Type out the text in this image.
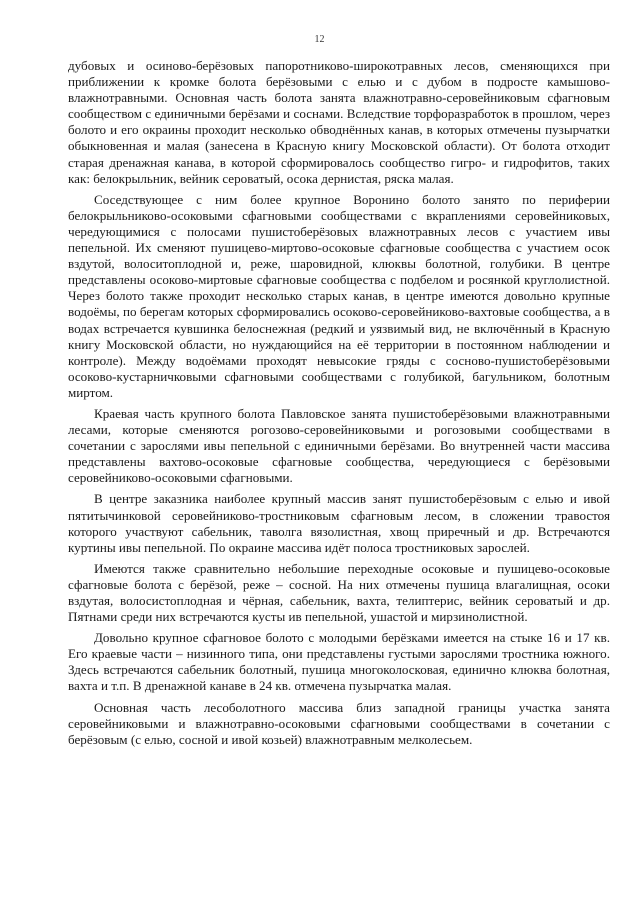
12

дубовых и осиново-берёзовых папоротниково-широкотравных лесов, сменяющихся при приближении к кромке болота берёзовыми с елью и с дубом в подросте камышово-влажнотравными. Основная часть болота занята влажнотравно-серовейниковым сфагновым сообществом с единичными берёзами и соснами. Вследствие торфоразработок в прошлом, через болото и его окраины проходит несколько обводнённых канав, в которых отмечены пузырчатки обыкновенная и малая (занесена в Красную книгу Московской области). От болота отходит старая дренажная канава, в которой сформировалось сообщество гигро- и гидрофитов, таких как: белокрыльник, вейник сероватый, осока дернистая, ряска малая.

Соседствующее с ним более крупное Воронино болото занято по периферии белокрыльниково-осоковыми сфагновыми сообществами с вкраплениями серовейниковых, чередующимися с полосами пушистоберёзовых влажнотравных лесов с участием ивы пепельной. Их сменяют пушицево-миртово-осоковые сфагновые сообщества с участием осок вздутой, волоситоплодной и, реже, шаровидной, клюквы болотной, голубики. В центре представлены осоково-миртовые сфагновые сообщества с подбелом и росянкой круглолистной. Через болото также проходит несколько старых канав, в центре имеются довольно крупные водоёмы, по берегам которых сформировались осоково-серовейниково-вахтовые сообщества, а в водах встречается кувшинка белоснежная (редкий и уязвимый вид, не включённый в Красную книгу Московской области, но нуждающийся на её территории в постоянном наблюдении и контроле). Между водоёмами проходят невысокие гряды с сосново-пушистоберёзовыми осоково-кустарничковыми сфагновыми сообществами с голубикой, багульником, болотным миртом.

Краевая часть крупного болота Павловское занята пушистоберёзовыми влажнотравными лесами, которые сменяются рогозово-серовейниковыми и рогозовыми сообществами в сочетании с зарослями ивы пепельной с единичными берёзами. Во внутренней части массива представлены вахтово-осоковые сфагновые сообщества, чередующиеся с берёзовыми серовейниково-осоковыми сфагновыми.

В центре заказника наиболее крупный массив занят пушистоберёзовым с елью и ивой пятитычинковой серовейниково-тростниковым сфагновым лесом, в сложении травостоя которого участвуют сабельник, таволга вязолистная, хвощ приречный и др. Встречаются куртины ивы пепельной. По окраине массива идёт полоса тростниковых зарослей.

Имеются также сравнительно небольшие переходные осоковые и пушицево-осоковые сфагновые болота с берёзой, реже – сосной. На них отмечены пушица влагалищная, осоки вздутая, волосистоплодная и чёрная, сабельник, вахта, телиптерис, вейник сероватый и др. Пятнами среди них встречаются кусты ив пепельной, ушастой и мирзинолистной.

Довольно крупное сфагновое болото с молодыми берёзками имеется на стыке 16 и 17 кв. Его краевые части – низинного типа, они представлены густыми зарослями тростника южного. Здесь встречаются сабельник болотный, пушица многоколосковая, единично клюква болотная, вахта и т.п. В дренажной канаве в 24 кв. отмечена пузырчатка малая.

Основная часть лесоболотного массива близ западной границы участка занята серовейниковыми и влажнотравно-осоковыми сфагновыми сообществами в сочетании с берёзовым (с елью, сосной и ивой козьей) влажнотравным мелколесьем.
